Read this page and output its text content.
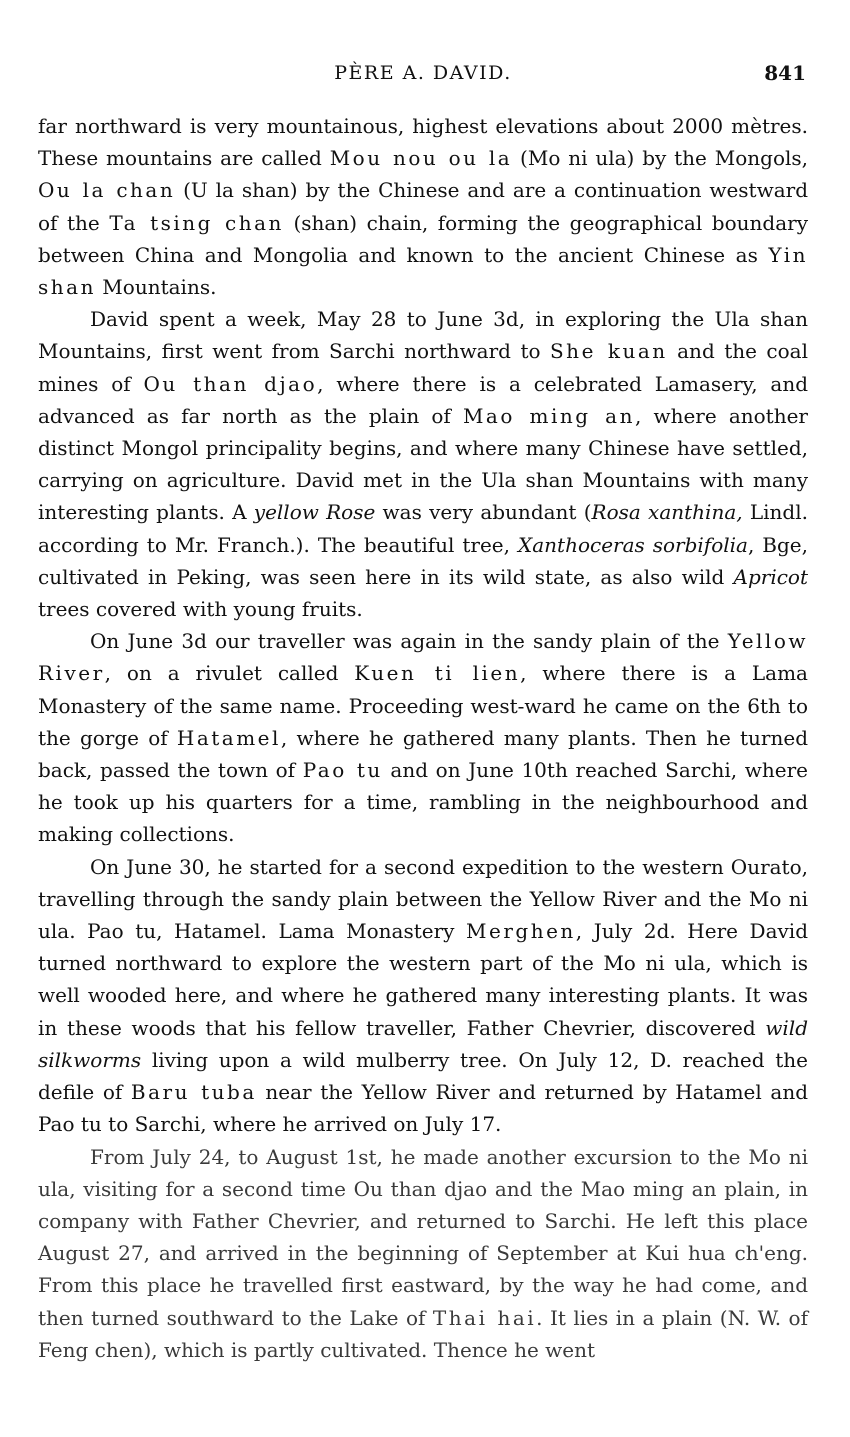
PÈRE A. DAVID.	841

far northward is very mountainous, highest elevations about 2000 mètres. These mountains are called Mou nou ou la (Mo ni ula) by the Mongols, Ou la chan (U la shan) by the Chinese and are a continuation westward of the Ta tsing chan (shan) chain, forming the geographical boundary between China and Mongolia and known to the ancient Chinese as Yin shan Mountains.

David spent a week, May 28 to June 3d, in exploring the Ula shan Mountains, first went from Sarchi northward to She kuan and the coal mines of Ou than djao, where there is a celebrated Lamasery, and advanced as far north as the plain of Mao ming an, where another distinct Mongol principality begins, and where many Chinese have settled, carrying on agriculture. David met in the Ula shan Mountains with many interesting plants. A yellow Rose was very abundant (Rosa xanthina, Lindl. according to Mr. Franch.). The beautiful tree, Xanthoceras sorbifolia, Bge, cultivated in Peking, was seen here in its wild state, as also wild Apricot trees covered with young fruits.

On June 3d our traveller was again in the sandy plain of the Yellow River, on a rivulet called Kuen ti lien, where there is a Lama Monastery of the same name. Proceeding west-ward he came on the 6th to the gorge of Hatamel, where he gathered many plants. Then he turned back, passed the town of Pao tu and on June 10th reached Sarchi, where he took up his quarters for a time, rambling in the neighbourhood and making collections.

On June 30, he started for a second expedition to the western Ourato, travelling through the sandy plain between the Yellow River and the Mo ni ula. Pao tu, Hatamel. Lama Monastery Merghen, July 2d. Here David turned northward to explore the western part of the Mo ni ula, which is well wooded here, and where he gathered many interesting plants. It was in these woods that his fellow traveller, Father Chevrier, discovered wild silkworms living upon a wild mulberry tree. On July 12, D. reached the defile of Baru tuba near the Yellow River and returned by Hatamel and Pao tu to Sarchi, where he arrived on July 17.

From July 24, to August 1st, he made another excursion to the Mo ni ula, visiting for a second time Ou than djao and the Mao ming an plain, in company with Father Chevrier, and returned to Sarchi. He left this place August 27, and arrived in the beginning of September at Kui hua ch'eng. From this place he travelled first eastward, by the way he had come, and then turned southward to the Lake of Thai hai. It lies in a plain (N. W. of Feng chen), which is partly cultivated. Thence he went
